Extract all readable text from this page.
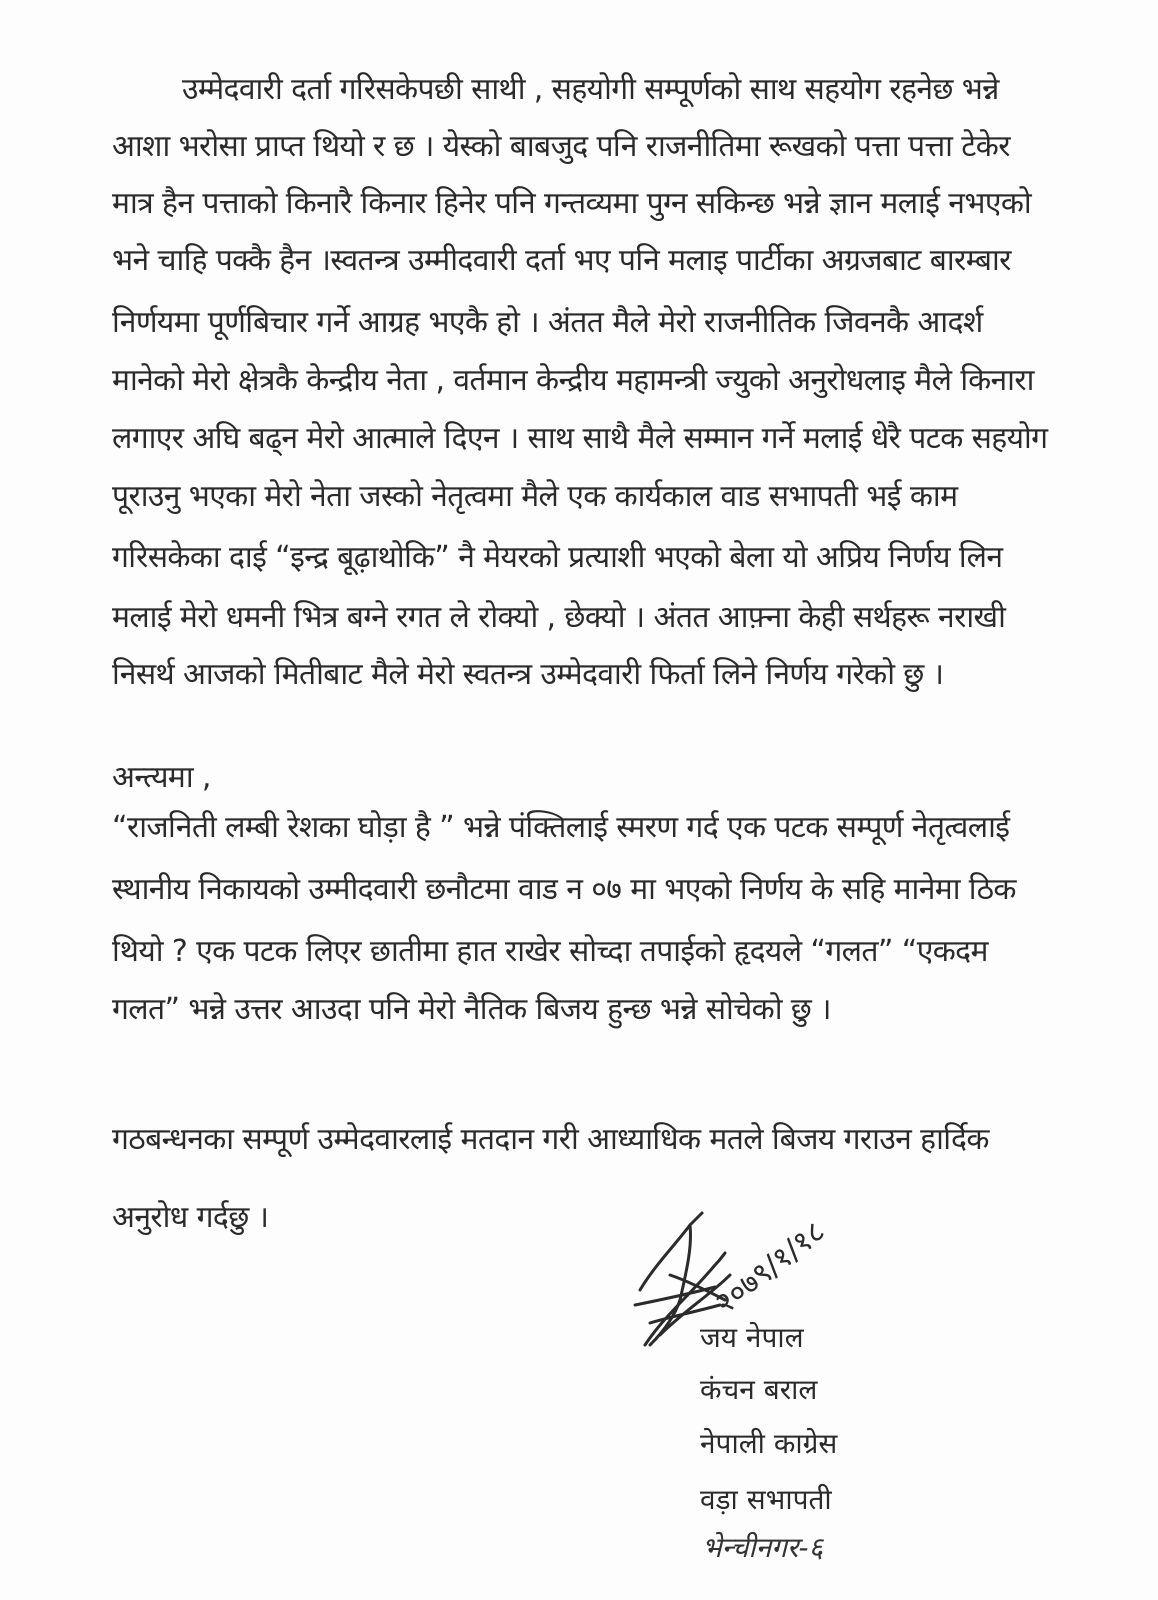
उम्मेदवारी दर्ता गरिसकेपछी साथी , सहयोगी सम्पूर्णको साथ सहयोग रहनेछ भन्ने
आशा भरोसा प्राप्त थियो र छ । येस्को बाबजुद पनि राजनीतिमा रूखको पत्ता पत्ता टेकेर
मात्र हैन पत्ताको किनारै किनार हिनेर पनि गन्तव्यमा पुग्न सकिन्छ भन्ने ज्ञान मलाई नभएको
भने चाहि पक्कै हैन ।स्वतन्त्र उम्मीदवारी दर्ता भए पनि मलाइ पार्टीका अग्रजबाट बारम्बार
निर्णयमा पूर्णबिचार गर्ने आग्रह भएकै हो । अंतत मैले मेरो राजनीतिक जिवनकै आदर्श
मानेको मेरो क्षेत्रकै केन्द्रीय नेता , वर्तमान केन्द्रीय महामन्त्री ज्युको अनुरोधलाइ मैले किनारा
लगाएर अघि बढ्न मेरो आत्माले दिएन । साथ साथै मैले सम्मान गर्ने मलाई धेरै पटक सहयोग
पूराउनु भएका मेरो नेता जस्को नेतृत्वमा मैले एक कार्यकाल वाड सभापती भई काम
गरिसकेका दाई “इन्द्र बूढ़ाथोकि” नै मेयरको प्रत्याशी भएको बेला यो अप्रिय निर्णय लिन
मलाई मेरो धमनी भित्र बग्ने रगत ले रोक्यो , छेक्यो । अंतत आफ़्ना केही सर्थहरू नराखी
निसर्थ आजको मितीबाट मैले मेरो स्वतन्त्र उम्मेदवारी फिर्ता लिने निर्णय गरेको छु ।
अन्त्यमा ,
“राजनिती लम्बी रेशका घोड़ा है ” भन्ने पंक्तिलाई स्मरण गर्द एक पटक सम्पूर्ण नेतृत्वलाई
स्थानीय निकायको उम्मीदवारी छनौटमा वाड न ०७ मा भएको निर्णय के सहि मानेमा ठिक
थियो ? एक पटक लिएर छातीमा हात राखेर सोच्दा तपाईको हृदयले “गलत” “एकदम
गलत” भन्ने उत्तर आउदा पनि मेरो नैतिक बिजय हुन्छ भन्ने सोचेको छु ।
गठबन्धनका सम्पूर्ण उम्मेदवारलाई मतदान गरी आध्याधिक मतले बिजय गराउन हार्दिक
अनुरोध गर्दछु ।	२०७९/१/१८
जय नेपाल
कंचन बराल
नेपाली काग्रेस
वड़ा सभापती
भेन्चीनगर-६
